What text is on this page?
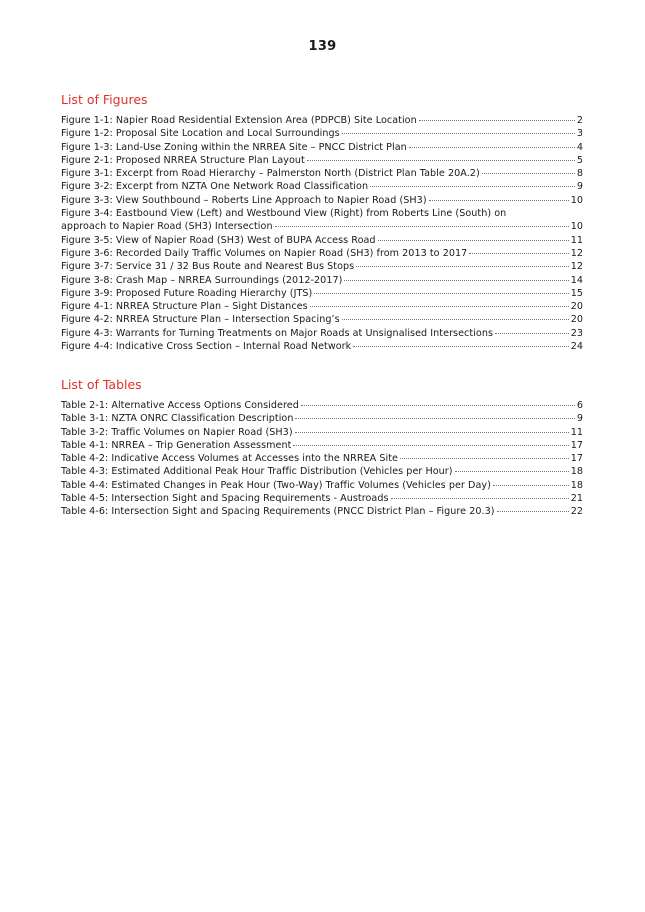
139
List of Figures
Figure 1-1: Napier Road Residential Extension Area (PDPCB) Site Location	2
Figure 1-2: Proposal Site Location and Local Surroundings	3
Figure 1-3: Land-Use Zoning within the NRREA Site – PNCC District Plan	4
Figure 2-1: Proposed NRREA Structure Plan Layout	5
Figure 3-1: Excerpt from Road Hierarchy – Palmerston North (District Plan Table 20A.2)	8
Figure 3-2: Excerpt from NZTA One Network Road Classification	9
Figure 3-3: View Southbound – Roberts Line Approach to Napier Road (SH3)	10
Figure 3-4: Eastbound View (Left) and Westbound View (Right) from Roberts Line (South) on
approach to Napier Road (SH3) Intersection	10
Figure 3-5: View of Napier Road (SH3) West of BUPA Access Road	11
Figure 3-6: Recorded Daily Traffic Volumes on Napier Road (SH3) from 2013 to 2017	12
Figure 3-7: Service 31 / 32 Bus Route and Nearest Bus Stops	12
Figure 3-8: Crash Map – NRREA Surroundings (2012-2017)	14
Figure 3-9: Proposed Future Roading Hierarchy (JTS)	15
Figure 4-1: NRREA Structure Plan – Sight Distances	20
Figure 4-2: NRREA Structure Plan – Intersection Spacing’s	20
Figure 4-3: Warrants for Turning Treatments on Major Roads at Unsignalised Intersections	23
Figure 4-4: Indicative Cross Section – Internal Road Network	24
List of Tables
Table 2-1: Alternative Access Options Considered	6
Table 3-1: NZTA ONRC Classification Description	9
Table 3-2: Traffic Volumes on Napier Road (SH3)	11
Table 4-1: NRREA – Trip Generation Assessment	17
Table 4-2: Indicative Access Volumes at Accesses into the NRREA Site	17
Table 4-3: Estimated Additional Peak Hour Traffic Distribution (Vehicles per Hour)	18
Table 4-4: Estimated Changes in Peak Hour (Two-Way) Traffic Volumes (Vehicles per Day)	18
Table 4-5: Intersection Sight and Spacing Requirements - Austroads	21
Table 4-6: Intersection Sight and Spacing Requirements (PNCC District Plan – Figure 20.3)	22
